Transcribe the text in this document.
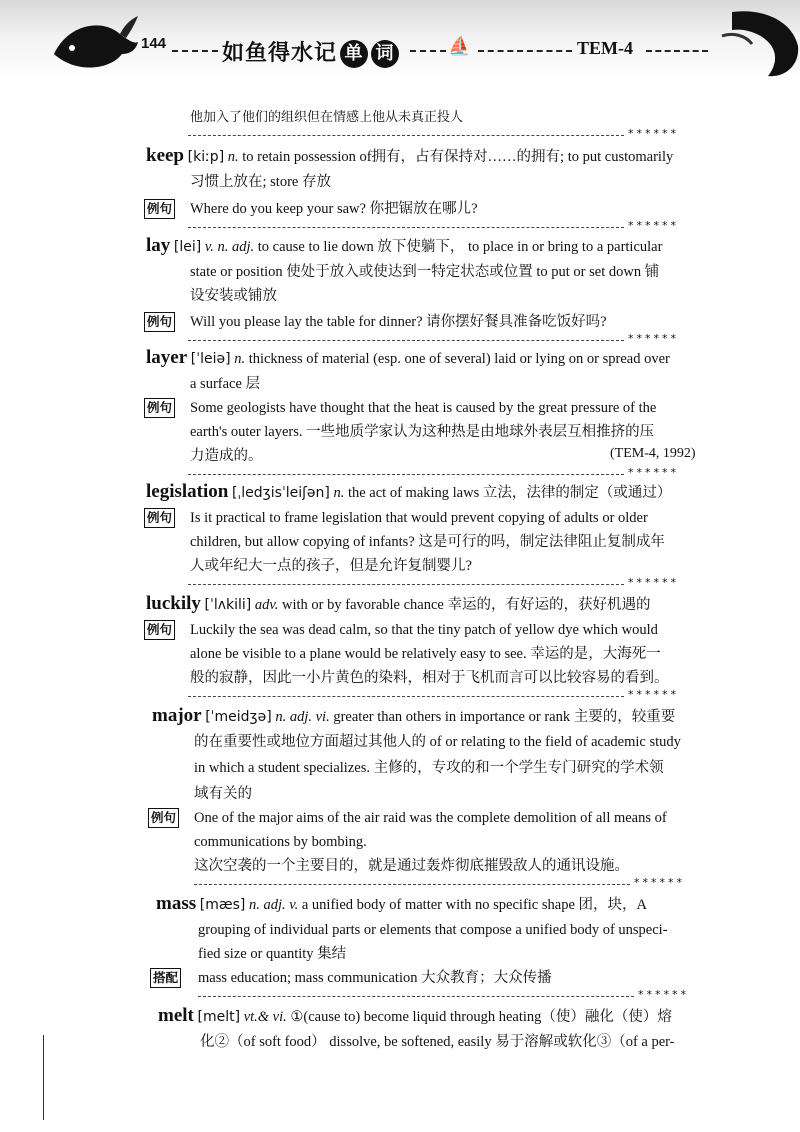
144	如鱼得水记 单 词	⛵	TEM-4
他加入了他们的组织但在情感上他从未真正投人
******
keep [kiːp] n. to retain possession of拥有，占有保持对……的拥有; to put customarily
习惯上放在; store 存放
例句 Where do you keep your saw? 你把锯放在哪儿?
******
lay [lei] v. n. adj. to cause to lie down 放下使躺下， to place in or bring to a particular
state or position 使处于放入或使达到一特定状态或位置 to put or set down 铺
设安装或铺放
例句 Will you please lay the table for dinner? 请你摆好餐具准备吃饭好吗?
******
layer [ˈleiə] n. thickness of material (esp. one of several) laid or lying on or spread over
a surface 层
例句 Some geologists have thought that the heat is caused by the great pressure of the
earth's outer layers. 一些地质学家认为这种热是由地球外表层互相推挤的压
力造成的。	(TEM-4, 1992)
******
legislation [ˌledʒisˈleiʃən] n. the act of making laws 立法，法律的制定（或通过）
例句 Is it practical to frame legislation that would prevent copying of adults or older
children, but allow copying of infants? 这是可行的吗，制定法律阻止复制成年
人或年纪大一点的孩子，但是允许复制婴儿?
******
luckily [ˈlʌkili] adv. with or by favorable chance 幸运的，有好运的，获好机遇的
例句 Luckily the sea was dead calm, so that the tiny patch of yellow dye which would
alone be visible to a plane would be relatively easy to see. 幸运的是，大海死一
般的寂静，因此一小片黄色的染料，相对于飞机而言可以比较容易的看到。
******
major [ˈmeidʒə] n. adj. vi. greater than others in importance or rank 主要的，较重要
的在重要性或地位方面超过其他人的 of or relating to the field of academic study
in which a student specializes. 主修的，专攻的和一个学生专门研究的学术领
域有关的
例句 One of the major aims of the air raid was the complete demolition of all means of
communications by bombing.
这次空袭的一个主要目的，就是通过轰炸彻底摧毁敌人的通讯设施。
******
mass [mæs] n. adj. v. a unified body of matter with no specific shape 团，块，A
grouping of individual parts or elements that compose a unified body of unspeci-
fied size or quantity 集结
搭配 mass education; mass communication 大众教育；大众传播
******
melt [melt] vt.& vi. ①(cause to) become liquid through heating（使）融化（使）熔
化②（of soft food） dissolve, be softened, easily 易于溶解或软化③（of a per-
